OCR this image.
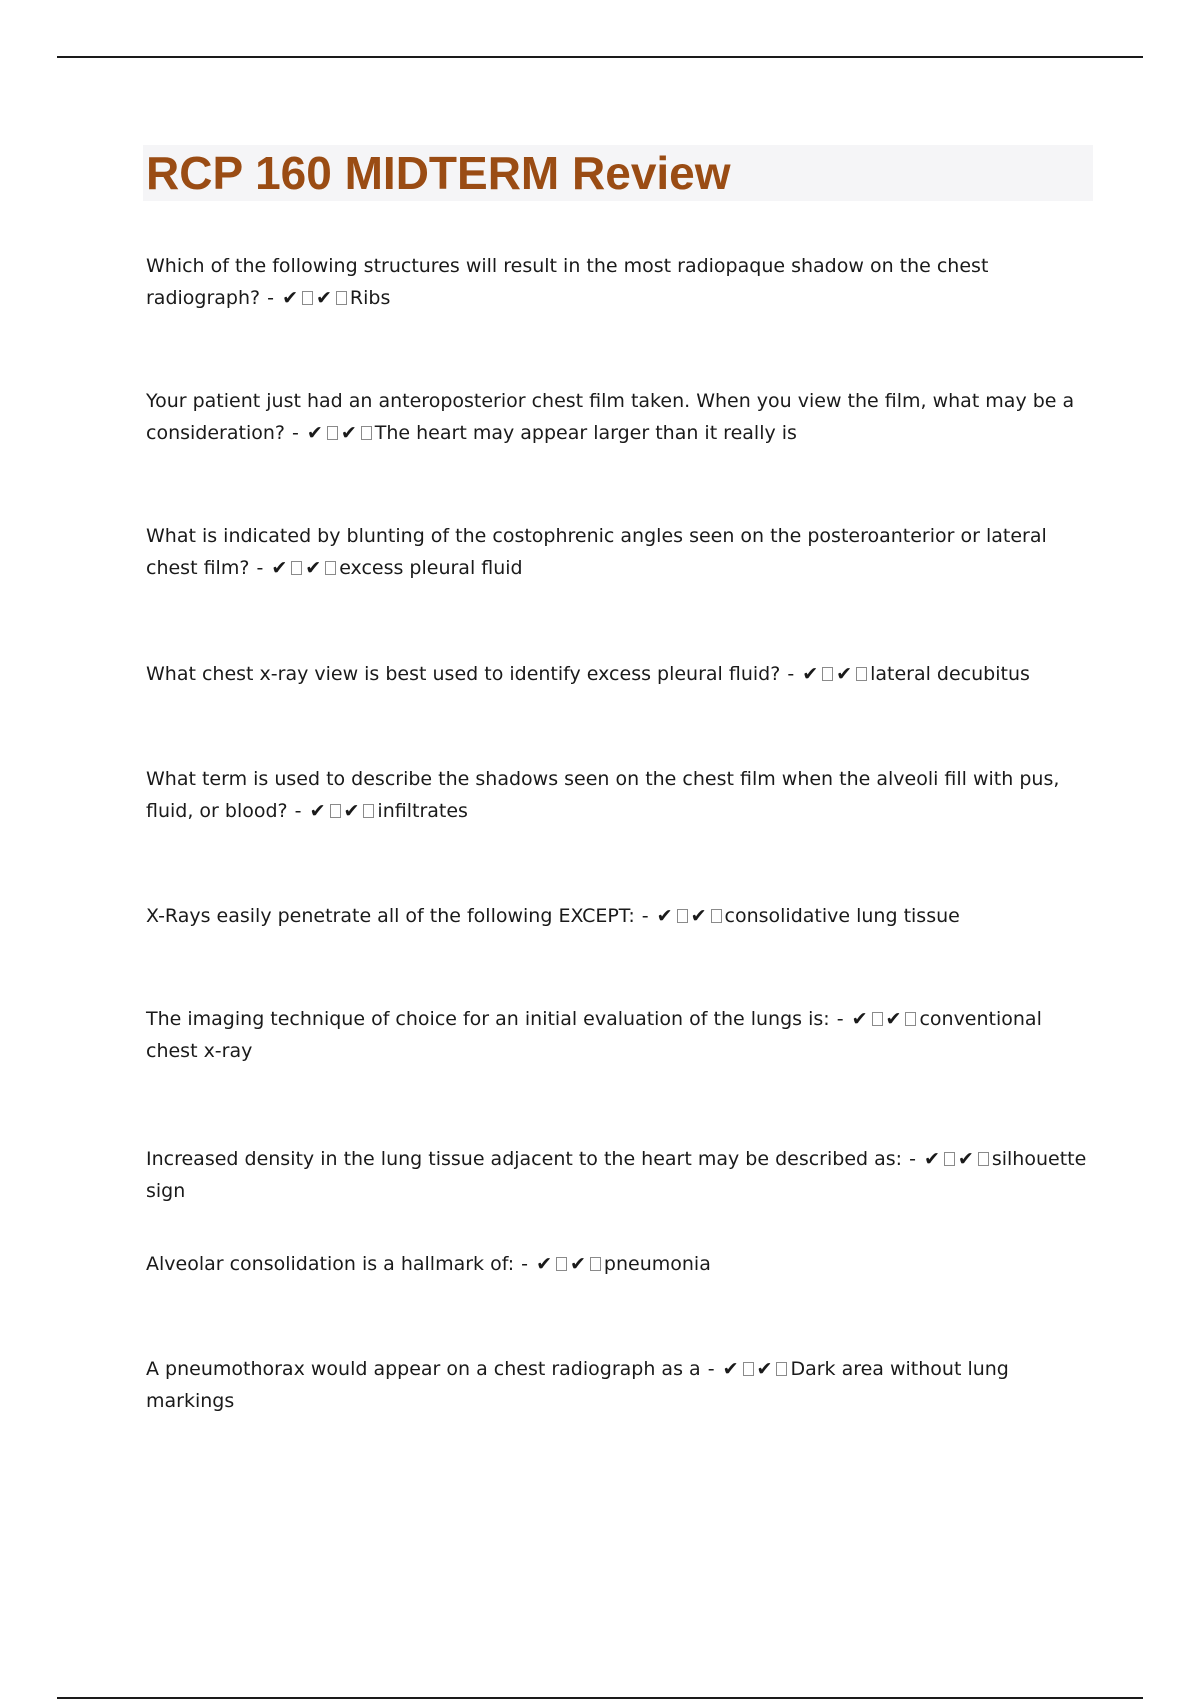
RCP 160 MIDTERM Review

Which of the following structures will result in the most radiopaque shadow on the chest radiograph? - ✔ ✔ Ribs

Your patient just had an anteroposterior chest film taken. When you view the film, what may be a consideration? - ✔ ✔ The heart may appear larger than it really is

What is indicated by blunting of the costophrenic angles seen on the posteroanterior or lateral chest film? - ✔ ✔ excess pleural fluid

What chest x-ray view is best used to identify excess pleural fluid? - ✔ ✔ lateral decubitus

What term is used to describe the shadows seen on the chest film when the alveoli fill with pus, fluid, or blood? - ✔ ✔ infiltrates

X-Rays easily penetrate all of the following EXCEPT: - ✔ ✔ consolidative lung tissue

The imaging technique of choice for an initial evaluation of the lungs is: - ✔ ✔ conventional chest x-ray

Increased density in the lung tissue adjacent to the heart may be described as: - ✔ ✔ silhouette sign

Alveolar consolidation is a hallmark of: - ✔ ✔ pneumonia

A pneumothorax would appear on a chest radiograph as a - ✔ ✔ Dark area without lung markings
